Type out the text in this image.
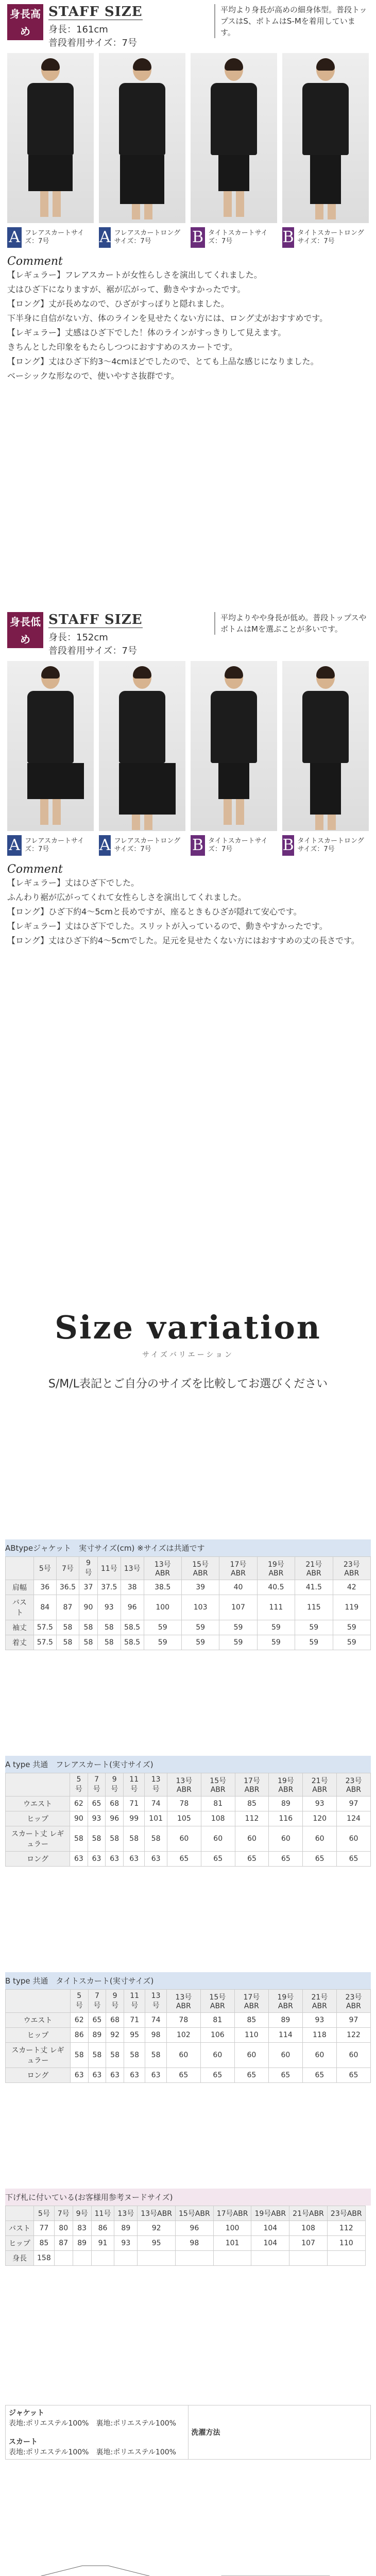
身長高め
STAFF SIZE

身長：161cm

普段着用サイズ：7号

平均より身長が高めの細身体型。普段トップスはS、ボトムはS-Mを着用しています。
A フレアスカートサイズ：7号	A フレアスカートロングサイズ：7号	B タイトスカートサイズ：7号	B タイトスカートロングサイズ：7号
Comment

【レギュラー】フレアスカートが女性らしさを演出してくれました。

丈はひざ下になりますが、裾が広がって、動きやすかったです。

【ロング】丈が長めなので、ひざがすっぽりと隠れました。

下半身に自信がない方、体のラインを見せたくない方には、ロング丈がおすすめです。

【レギュラー】丈感はひざ下でした！体のラインがすっきりして見えます。

きちんとした印象をもたらしつつにおすすめのスカートです。

【ロング】丈はひざ下約3～4cmほどでしたので、とても上品な感じになりました。

ベーシックな形なので、使いやすさ抜群です。

身長低め
STAFF SIZE

身長：152cm

普段着用サイズ：7号

平均よりやや身長が低め。普段トップスやボトムはMを選ぶことが多いです。
A フレアスカートサイズ：7号	A フレアスカートロングサイズ：7号	B タイトスカートサイズ：7号	B タイトスカートロングサイズ：7号
Comment

【レギュラー】丈はひざ下でした。

ふんわり裾が広がってくれて女性らしさを演出してくれました。

【ロング】ひざ下約4～5cmと長めですが、座るときもひざが隠れて安心です。

【レギュラー】丈はひざ下でした。スリットが入っているので、動きやすかったです。

【ロング】丈はひざ下約4～5cmでした。足元を見せたくない方にはおすすめの丈の長さです。

Size variation
サイズバリエーション
S/M/L表記とご自分のサイズを比較してお選びください
ABtypeジャケット　実寸サイズ(cm) ※サイズは共通です
	5号	7号	9号	11号	13号	13号ABR	15号ABR	17号ABR	19号ABR	21号ABR	23号ABR
肩幅	36	36.5	37	37.5	38	38.5	39	40	40.5	41.5	42
バスト	84	87	90	93	96	100	103	107	111	115	119
袖丈	57.5	58	58	58	58.5	59	59	59	59	59	59
着丈	57.5	58	58	58	58.5	59	59	59	59	59	59
A type 共通　フレアスカート(実寸サイズ)
	5号	7号	9号	11号	13号	13号ABR	15号ABR	17号ABR	19号ABR	21号ABR	23号ABR
ウエスト	62	65	68	71	74	78	81	85	89	93	97
ヒップ	90	93	96	99	101	105	108	112	116	120	124
スカート丈 レギュラー	58	58	58	58	58	60	60	60	60	60	60
ロング	63	63	63	63	63	65	65	65	65	65	65
B type 共通　タイトスカート(実寸サイズ)
	5号	7号	9号	11号	13号	13号ABR	15号ABR	17号ABR	19号ABR	21号ABR	23号ABR
ウエスト	62	65	68	71	74	78	81	85	89	93	97
ヒップ	86	89	92	95	98	102	106	110	114	118	122
スカート丈 レギュラー	58	58	58	58	58	60	60	60	60	60	60
ロング	63	63	63	63	63	65	65	65	65	65	65
下げ札に付いている(お客様用参考ヌードサイズ)
	5号	7号	9号	11号	13号	13号ABR	15号ABR	17号ABR	19号ABR	21号ABR	23号ABR
バスト	77	80	83	86	89	92	96	100	104	108	112
ヒップ	85	87	89	91	93	95	98	101	104	107	110
身長	158										
ジャケット
表地:ポリエステル100%　裏地:ポリエステル100%

スカート
表地:ポリエステル100%　裏地:ポリエステル100%	洗濯方法
